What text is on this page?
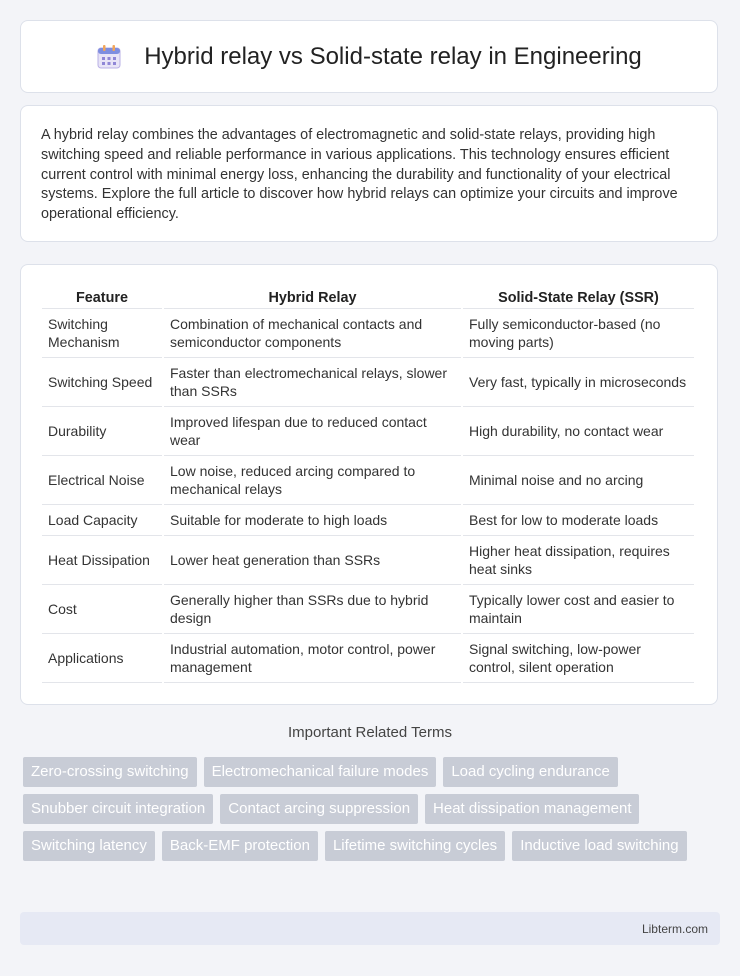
Hybrid relay vs Solid-state relay in Engineering

A hybrid relay combines the advantages of electromagnetic and solid-state relays, providing high switching speed and reliable performance in various applications. This technology ensures efficient current control with minimal energy loss, enhancing the durability and functionality of your electrical systems. Explore the full article to discover how hybrid relays can optimize your circuits and improve operational efficiency.

Feature	Hybrid Relay	Solid-State Relay (SSR)
Switching Mechanism	Combination of mechanical contacts and semiconductor components	Fully semiconductor-based (no moving parts)
Switching Speed	Faster than electromechanical relays, slower than SSRs	Very fast, typically in microseconds
Durability	Improved lifespan due to reduced contact wear	High durability, no contact wear
Electrical Noise	Low noise, reduced arcing compared to mechanical relays	Minimal noise and no arcing
Load Capacity	Suitable for moderate to high loads	Best for low to moderate loads
Heat Dissipation	Lower heat generation than SSRs	Higher heat dissipation, requires heat sinks
Cost	Generally higher than SSRs due to hybrid design	Typically lower cost and easier to maintain
Applications	Industrial automation, motor control, power management	Signal switching, low-power control, silent operation
Important Related Terms
Zero-crossing switching	Electromechanical failure modes	Load cycling endurance
Snubber circuit integration	Contact arcing suppression	Heat dissipation management
Switching latency	Back-EMF protection	Lifetime switching cycles	Inductive load switching
Libterm.com
